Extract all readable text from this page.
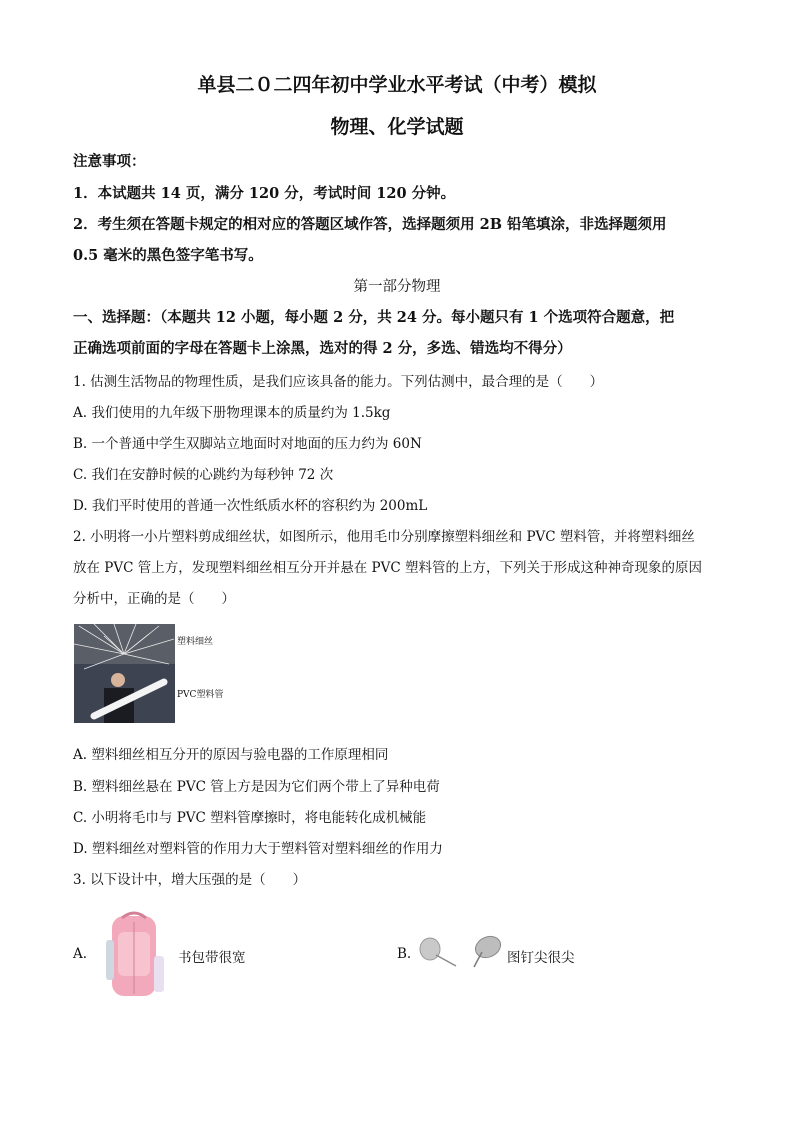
单县二０二四年初中学业水平考试（中考）模拟
物理、化学试题
注意事项：
1．本试题共 14 页，满分 120 分，考试时间 120 分钟。
2．考生须在答题卡规定的相对应的答题区域作答，选择题须用 2B 铅笔填涂，非选择题须用
0.5 毫米的黑色签字笔书写。
第一部分物理
一、选择题：（本题共 12 小题，每小题 2 分，共 24 分。每小题只有 1 个选项符合题意，把
正确选项前面的字母在答题卡上涂黑，选对的得 2 分，多选、错选均不得分）
1. 估测生活物品的物理性质，是我们应该具备的能力。下列估测中，最合理的是（　　）
A. 我们使用的九年级下册物理课本的质量约为 1.5kg
B. 一个普通中学生双脚站立地面时对地面的压力约为 60N
C. 我们在安静时候的心跳约为每秒钟 72 次
D. 我们平时使用的普通一次性纸质水杯的容积约为 200mL
2. 小明将一小片塑料剪成细丝状，如图所示，他用毛巾分别摩擦塑料细丝和 PVC 塑料管，并将塑料细丝
放在 PVC 管上方，发现塑料细丝相互分开并悬在 PVC 塑料管的上方，下列关于形成这种神奇现象的原因
分析中，正确的是（　　）
塑料细丝
PVC塑料管
A. 塑料细丝相互分开的原因与验电器的工作原理相同
B. 塑料细丝悬在 PVC 管上方是因为它们两个带上了异种电荷
C. 小明将毛巾与 PVC 塑料管摩擦时，将电能转化成机械能
D. 塑料细丝对塑料管的作用力大于塑料管对塑料细丝的作用力
3. 以下设计中，增大压强的是（　　）
A.	书包带很宽	B.	图钉尖很尖
